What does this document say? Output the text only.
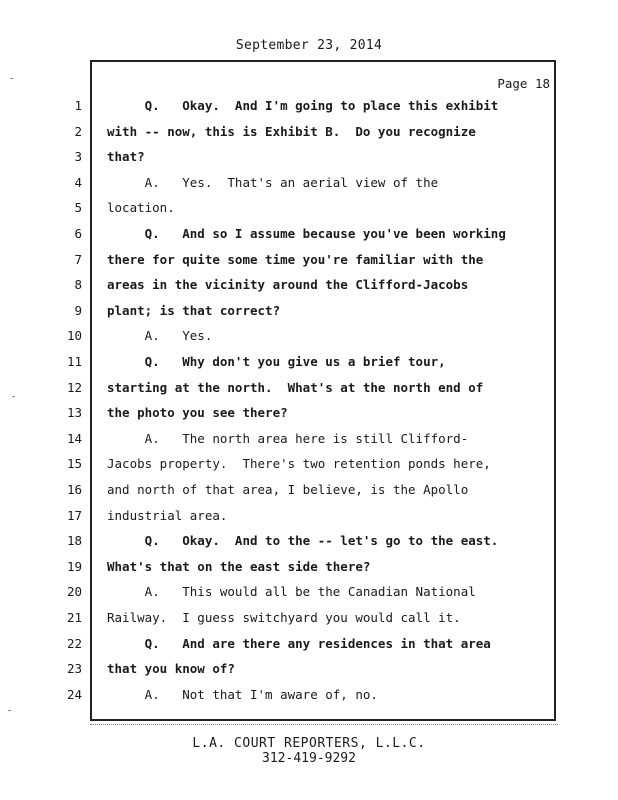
September 23, 2014
Page 18
1
2
3
4
5
6
7
8
9
10
11
12
13
14
15
16
17
18
19
20
21
22
23
24
Q.   Okay.  And I'm going to place this exhibit
with -- now, this is Exhibit B.  Do you recognize
that?
A.   Yes.  That's an aerial view of the
location.
Q.   And so I assume because you've been working
there for quite some time you're familiar with the
areas in the vicinity around the Clifford-Jacobs
plant; is that correct?
A.   Yes.
Q.   Why don't you give us a brief tour,
starting at the north.  What's at the north end of
the photo you see there?
A.   The north area here is still Clifford-
Jacobs property.  There's two retention ponds here,
and north of that area, I believe, is the Apollo
industrial area.
Q.   Okay.  And to the -- let's go to the east.
What's that on the east side there?
A.   This would all be the Canadian National
Railway.  I guess switchyard you would call it.
Q.   And are there any residences in that area
that you know of?
A.   Not that I'm aware of, no.
L.A. COURT REPORTERS, L.L.C.
312-419-9292
